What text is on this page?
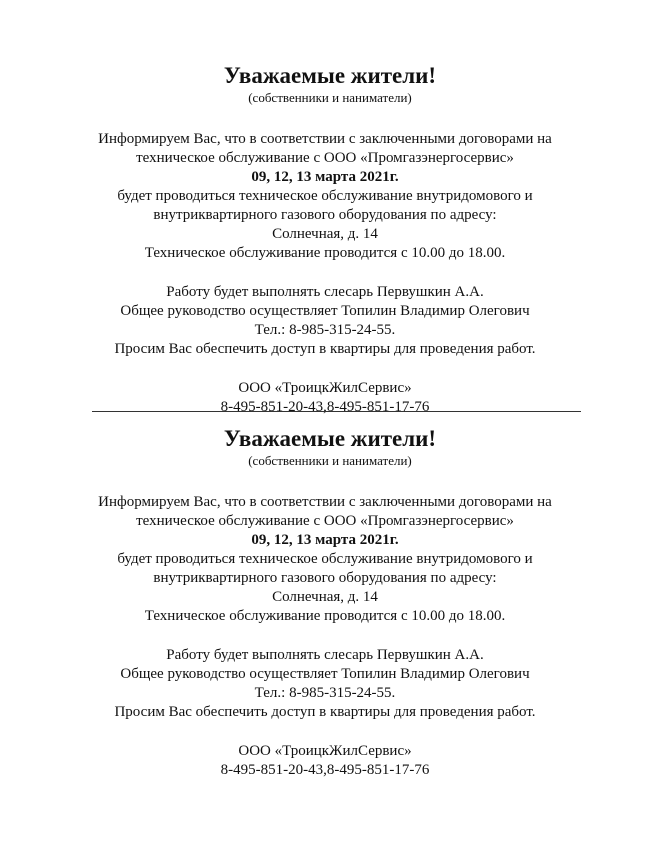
Уважаемые жители!

(собственники и наниматели)

Информируем Вас, что в соответствии с заключенными договорами на

техническое обслуживание с ООО «Промгазэнергосервис»

09, 12, 13 марта 2021г.

будет проводиться техническое обслуживание внутридомового и

внутриквартирного газового оборудования по адресу:

Солнечная, д. 14

Техническое обслуживание проводится с 10.00 до 18.00.

Работу будет выполнять слесарь Первушкин А.А.

Общее руководство осуществляет Топилин Владимир Олегович

Тел.: 8-985-315-24-55.

Просим Вас обеспечить доступ в квартиры для проведения работ.

ООО «ТроицкЖилСервис»

8-495-851-20-43,8-495-851-17-76

Уважаемые жители!

(собственники и наниматели)

Информируем Вас, что в соответствии с заключенными договорами на

техническое обслуживание с ООО «Промгазэнергосервис»

09, 12, 13 марта 2021г.

будет проводиться техническое обслуживание внутридомового и

внутриквартирного газового оборудования по адресу:

Солнечная, д. 14

Техническое обслуживание проводится с 10.00 до 18.00.

Работу будет выполнять слесарь Первушкин А.А.

Общее руководство осуществляет Топилин Владимир Олегович

Тел.: 8-985-315-24-55.

Просим Вас обеспечить доступ в квартиры для проведения работ.

ООО «ТроицкЖилСервис»

8-495-851-20-43,8-495-851-17-76
